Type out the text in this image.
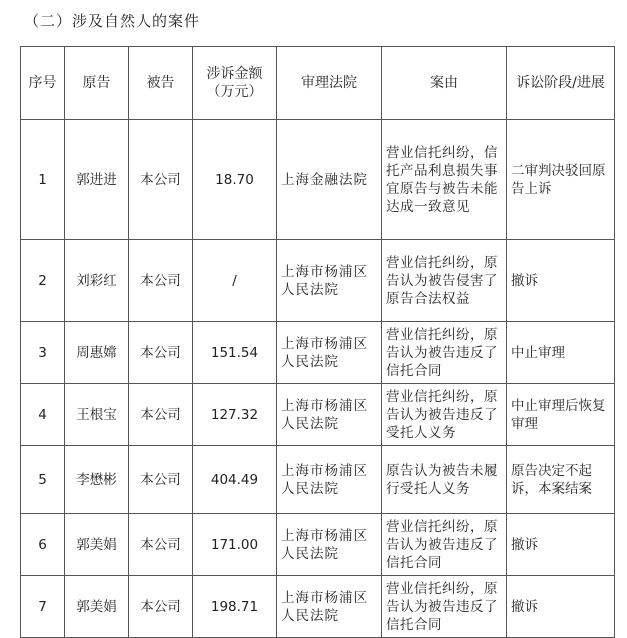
（二）涉及自然人的案件
序号	原告	被告	涉诉金额（万元）	审理法院	案由	诉讼阶段/进展
1	郭进进	本公司	18.70	上海金融法院	营业信托纠纷，信托产品利息损失事宜原告与被告未能达成一致意见	二审判决驳回原告上诉
2	刘彩红	本公司	/	上海市杨浦区人民法院	营业信托纠纷，原告认为被告侵害了原告合法权益	撤诉
3	周惠嫦	本公司	151.54	上海市杨浦区人民法院	营业信托纠纷，原告认为被告违反了信托合同	中止审理
4	王根宝	本公司	127.32	上海市杨浦区人民法院	营业信托纠纷，原告认为被告违反了受托人义务	中止审理后恢复审理
5	李懋彬	本公司	404.49	上海市杨浦区人民法院	原告认为被告未履行受托人义务	原告决定不起诉，本案结案
6	郭美娟	本公司	171.00	上海市杨浦区人民法院	营业信托纠纷，原告认为被告违反了信托合同	撤诉
7	郭美娟	本公司	198.71	上海市杨浦区人民法院	营业信托纠纷，原告认为被告违反了信托合同	撤诉
